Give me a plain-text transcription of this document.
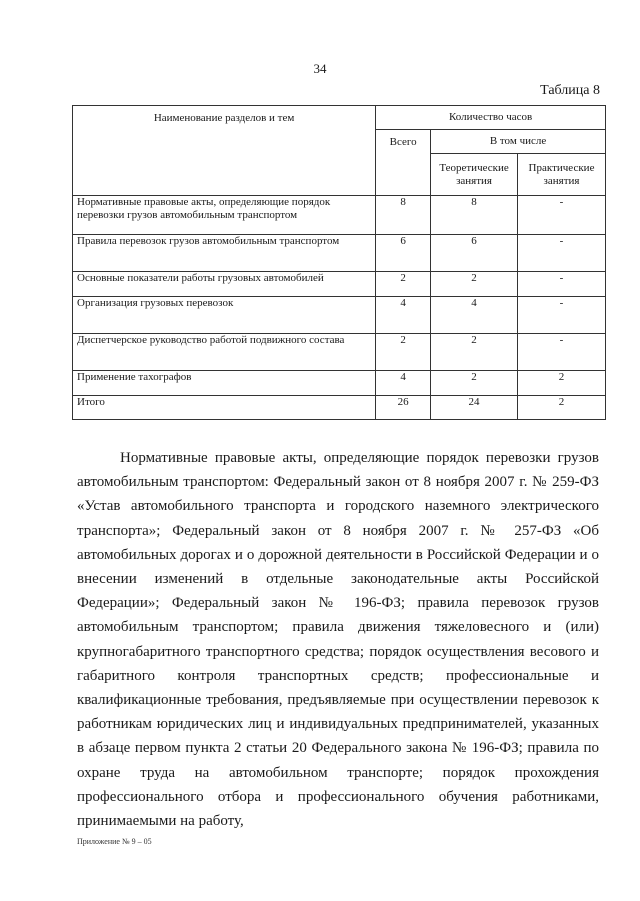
34
Таблица 8
Наименование разделов и тем	Количество часов		
	Всего	В том числе	
		Теоретические занятия	Практические занятия
Нормативные правовые акты, определяющие порядок перевозки грузов автомобильным транспортом	8	8	-
Правила перевозок грузов автомобильным транспортом	6	6	-
Основные показатели работы грузовых автомобилей	2	2	-
Организация грузовых перевозок	4	4	-
Диспетчерское руководство работой подвижного состава	2	2	-
Применение тахографов	4	2	2
Итого	26	24	2

Нормативные правовые акты, определяющие порядок перевозки грузов автомобильным транспортом: Федеральный закон от 8 ноября 2007 г. № 259-ФЗ «Устав автомобильного транспорта и городского наземного электрического транспорта»; Федеральный закон от 8 ноября 2007 г. № 257-ФЗ «Об автомобильных дорогах и о дорожной деятельности в Российской Федерации и о внесении изменений в отдельные законодательные акты Российской Федерации»; Федеральный закон № 196-ФЗ; правила перевозок грузов автомобильным транспортом; правила движения тяжеловесного и (или) крупногабаритного транспортного средства; порядок осуществления весового и габаритного контроля транспортных средств; профессиональные и квалификационные требования, предъявляемые при осуществлении перевозок к работникам юридических лиц и индивидуальных предпринимателей, указанных в абзаце первом пункта 2 статьи 20 Федерального закона № 196-ФЗ; правила по охране труда на автомобильном транспорте; порядок прохождения профессионального отбора и профессионального обучения работниками, принимаемыми на работу,

Приложение № 9 – 05
